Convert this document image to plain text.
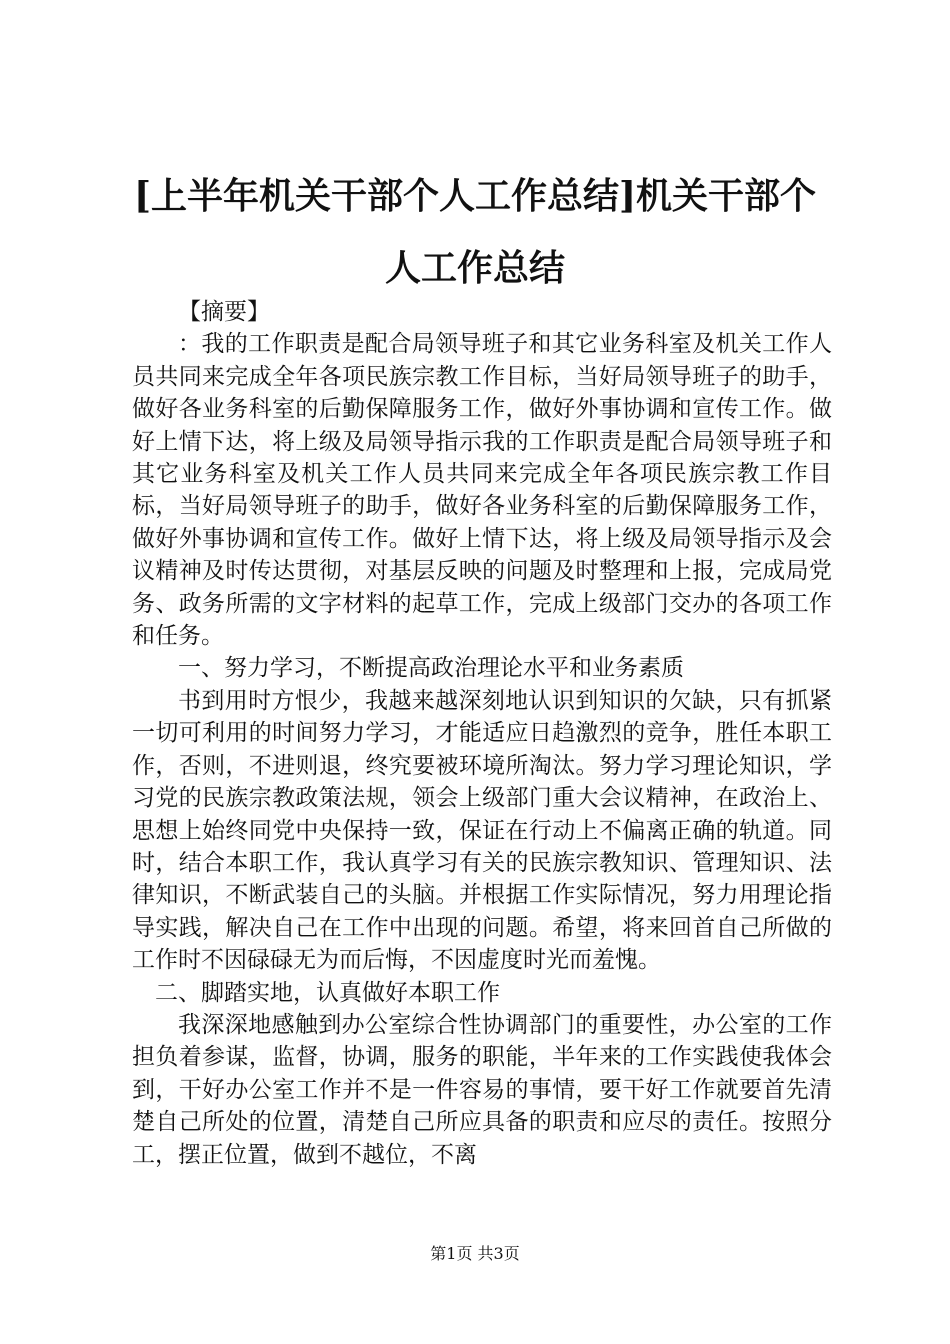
[上半年机关干部个人工作总结]机关干部个人工作总结

【摘要】

：我的工作职责是配合局领导班子和其它业务科室及机关工作人员共同来完成全年各项民族宗教工作目标，当好局领导班子的助手，做好各业务科室的后勤保障服务工作，做好外事协调和宣传工作。做好上情下达，将上级及局领导指示我的工作职责是配合局领导班子和其它业务科室及机关工作人员共同来完成全年各项民族宗教工作目标，当好局领导班子的助手，做好各业务科室的后勤保障服务工作，做好外事协调和宣传工作。做好上情下达，将上级及局领导指示及会议精神及时传达贯彻，对基层反映的问题及时整理和上报，完成局党务、政务所需的文字材料的起草工作，完成上级部门交办的各项工作和任务。

一、努力学习，不断提高政治理论水平和业务素质

书到用时方恨少，我越来越深刻地认识到知识的欠缺，只有抓紧一切可利用的时间努力学习，才能适应日趋激烈的竞争，胜任本职工作，否则，不进则退，终究要被环境所淘汰。努力学习理论知识，学习党的民族宗教政策法规，领会上级部门重大会议精神，在政治上、思想上始终同党中央保持一致，保证在行动上不偏离正确的轨道。同时，结合本职工作，我认真学习有关的民族宗教知识、管理知识、法律知识，不断武装自己的头脑。并根据工作实际情况，努力用理论指导实践，解决自己在工作中出现的问题。希望，将来回首自己所做的工作时不因碌碌无为而后悔，不因虚度时光而羞愧。

二、脚踏实地，认真做好本职工作

我深深地感触到办公室综合性协调部门的重要性，办公室的工作担负着参谋，监督，协调，服务的职能，半年来的工作实践使我体会到，干好办公室工作并不是一件容易的事情，要干好工作就要首先清楚自己所处的位置，清楚自己所应具备的职责和应尽的责任。按照分工，摆正位置，做到不越位，不离

第1页 共3页
